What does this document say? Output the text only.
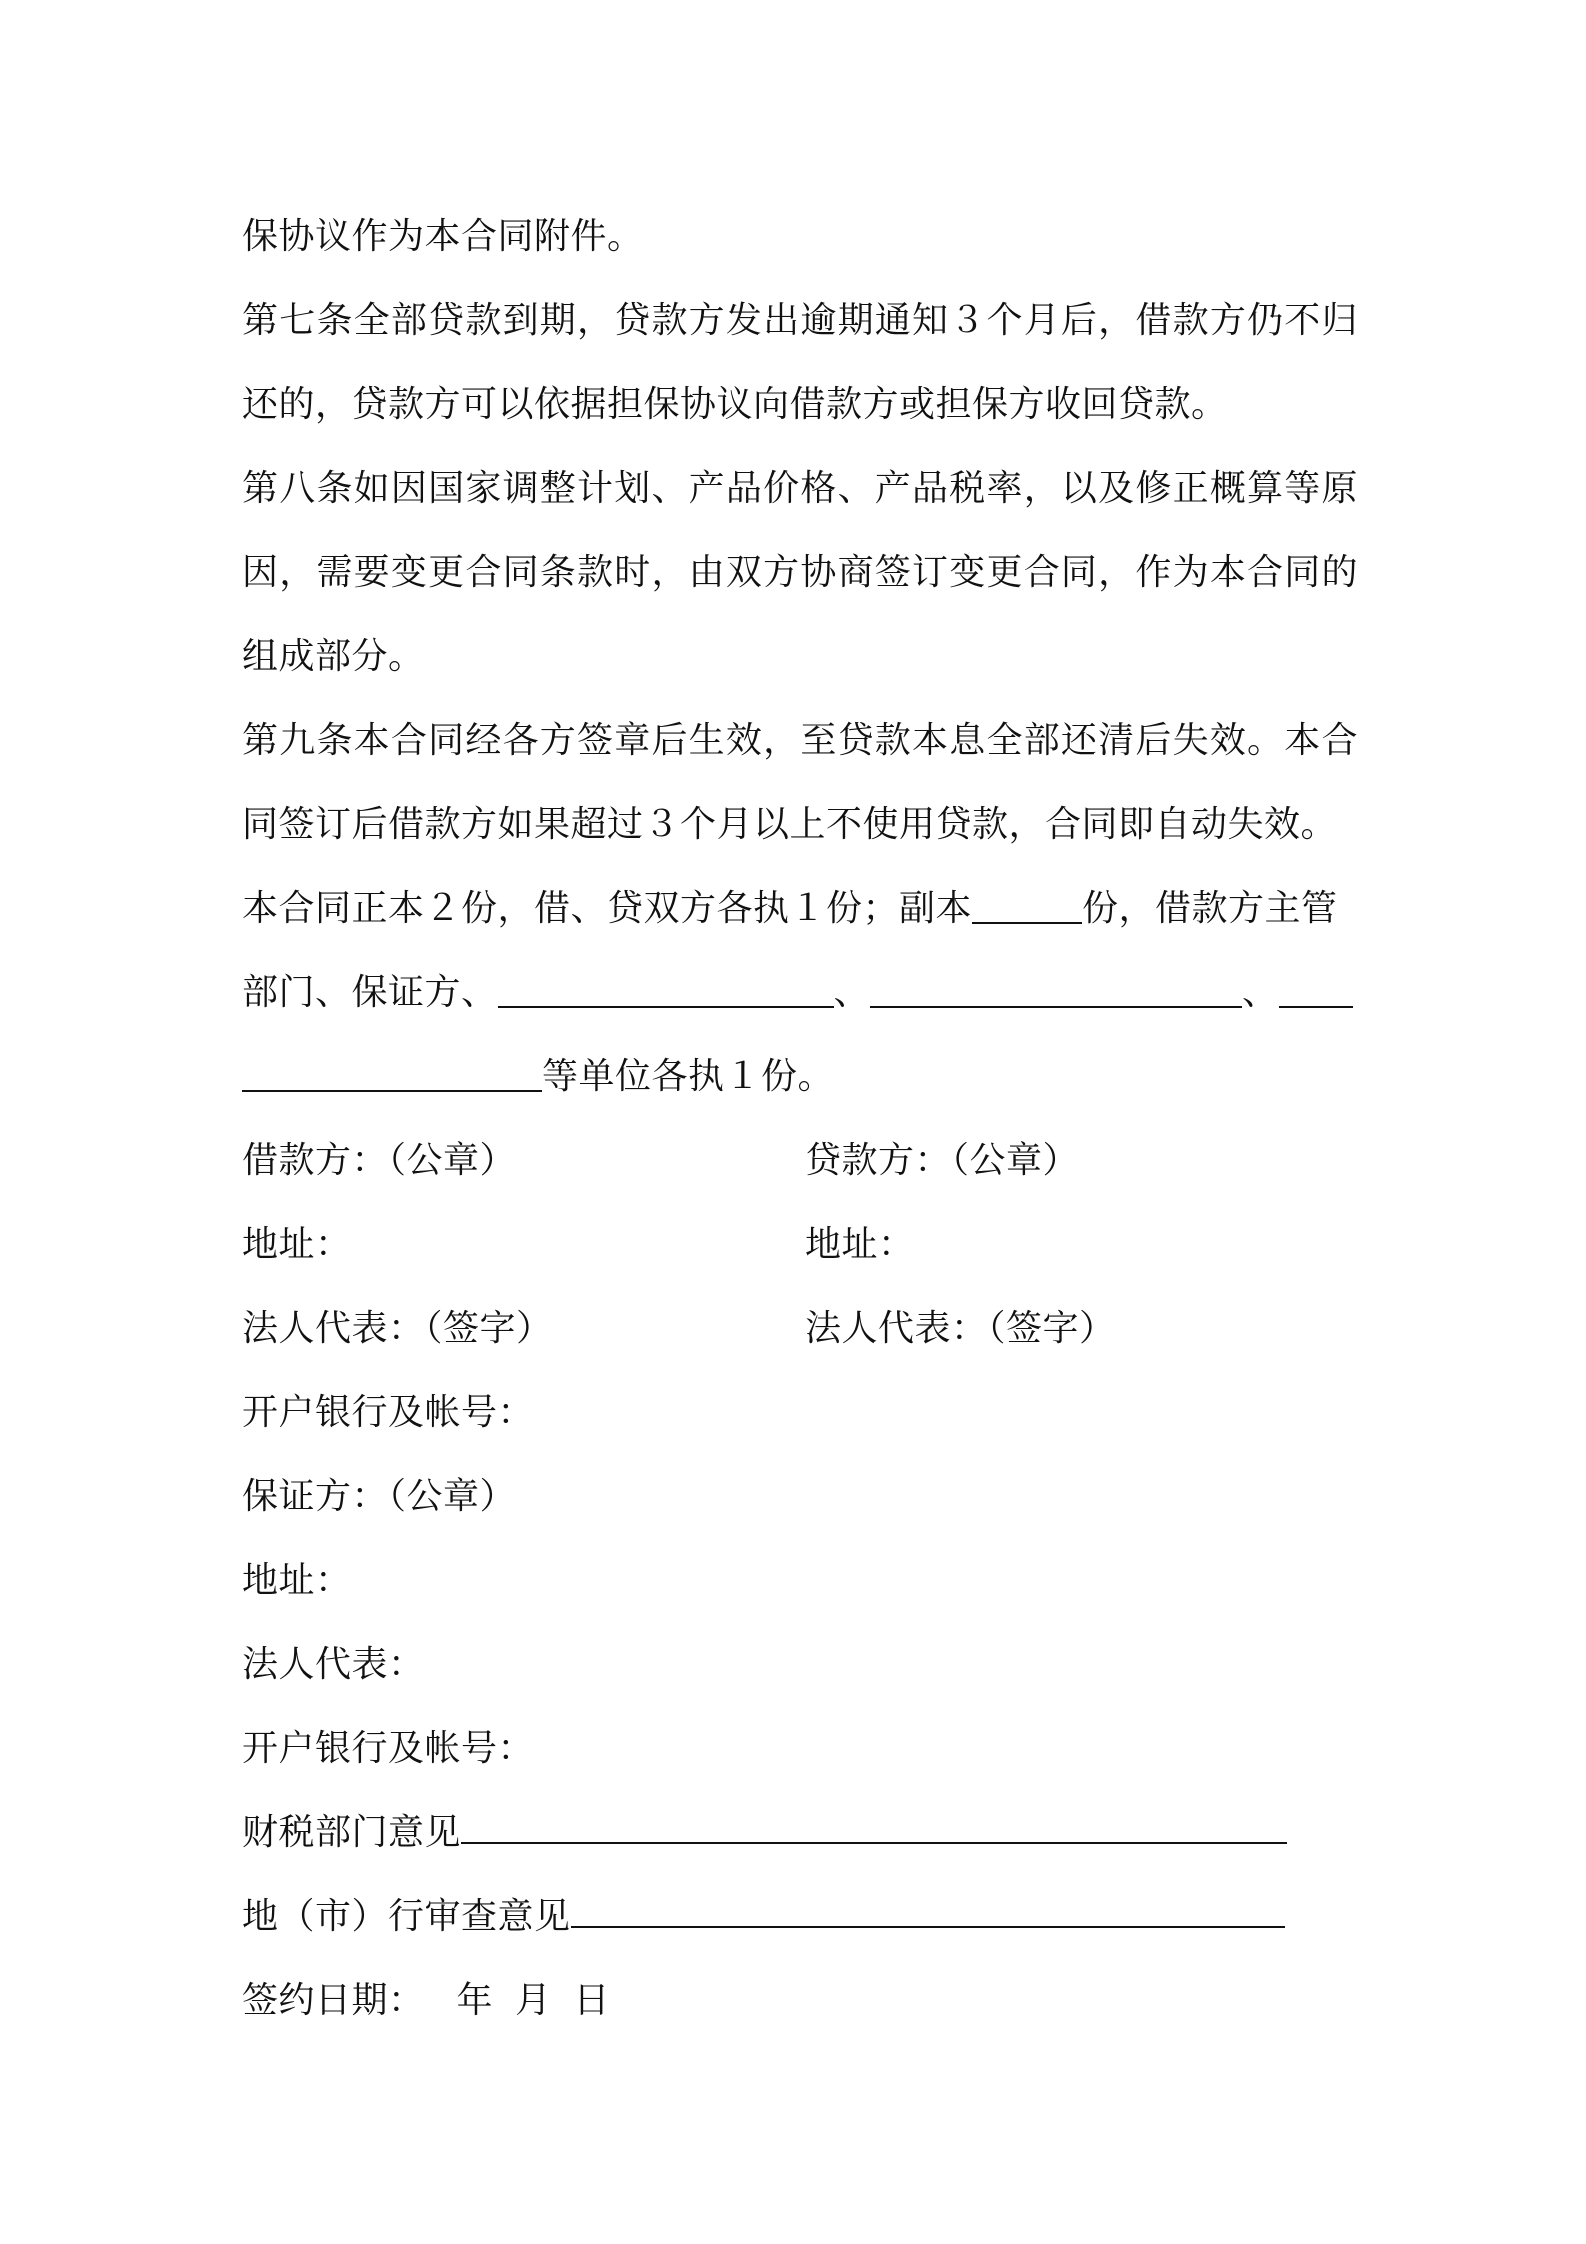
保协议作为本合同附件。

第七条全部贷款到期，贷款方发出逾期通知３个月后，借款方仍不归还的，贷款方可以依据担保协议向借款方或担保方收回贷款。

第八条如因国家调整计划、产品价格、产品税率，以及修正概算等原因，需要变更合同条款时，由双方协商签订变更合同，作为本合同的组成部分。

第九条本合同经各方签章后生效，至贷款本息全部还清后失效。本合同签订后借款方如果超过３个月以上不使用贷款，合同即自动失效。

本合同正本２份，借、贷双方各执１份；副本	份，借款方主管
部门、保证方、	、	、
等单位各执１份。
借款方：（公章）	贷款方：（公章）
地址：	地址：
法人代表：（签字）	法人代表：（签字）
开户银行及帐号：
保证方：（公章）
地址：
法人代表：
开户银行及帐号：
财税部门意见
地（市）行审查意见
签约日期： 年 月 日
